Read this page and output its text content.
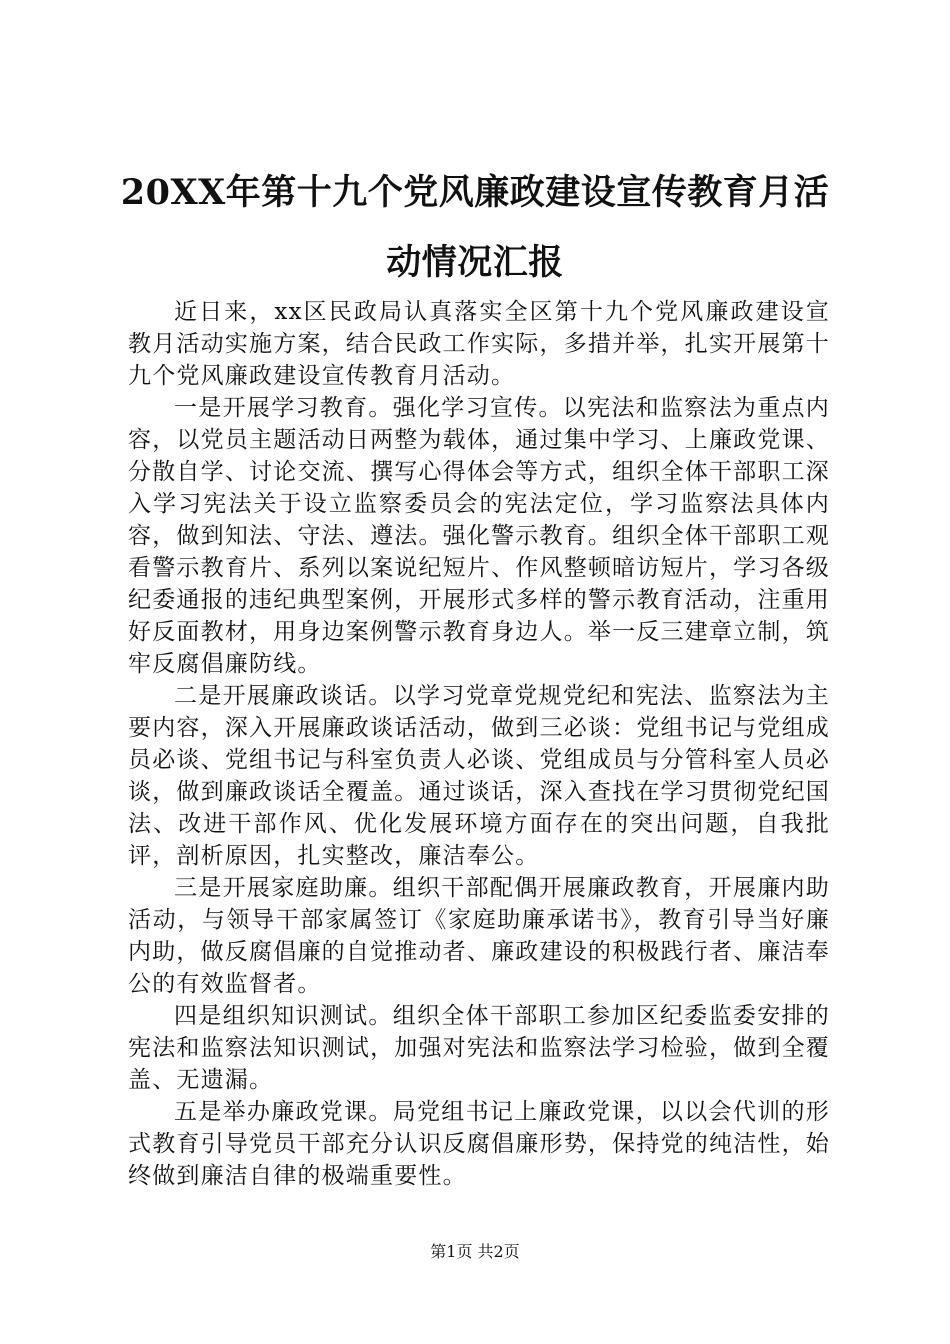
20XX年第十九个党风廉政建设宣传教育月活
动情况汇报

近日来，xx区民政局认真落实全区第十九个党风廉政建设宣教月活动实施方案，结合民政工作实际，多措并举，扎实开展第十九个党风廉政建设宣传教育月活动。

一是开展学习教育。强化学习宣传。以宪法和监察法为重点内容，以党员主题活动日两整为载体，通过集中学习、上廉政党课、分散自学、讨论交流、撰写心得体会等方式，组织全体干部职工深入学习宪法关于设立监察委员会的宪法定位，学习监察法具体内容，做到知法、守法、遵法。强化警示教育。组织全体干部职工观看警示教育片、系列以案说纪短片、作风整顿暗访短片，学习各级纪委通报的违纪典型案例，开展形式多样的警示教育活动，注重用好反面教材，用身边案例警示教育身边人。举一反三建章立制，筑牢反腐倡廉防线。

二是开展廉政谈话。以学习党章党规党纪和宪法、监察法为主要内容，深入开展廉政谈话活动，做到三必谈：党组书记与党组成员必谈、党组书记与科室负责人必谈、党组成员与分管科室人员必谈，做到廉政谈话全覆盖。通过谈话，深入查找在学习贯彻党纪国法、改进干部作风、优化发展环境方面存在的突出问题，自我批评，剖析原因，扎实整改，廉洁奉公。

三是开展家庭助廉。组织干部配偶开展廉政教育，开展廉内助活动，与领导干部家属签订《家庭助廉承诺书》，教育引导当好廉内助，做反腐倡廉的自觉推动者、廉政建设的积极践行者、廉洁奉公的有效监督者。

四是组织知识测试。组织全体干部职工参加区纪委监委安排的宪法和监察法知识测试，加强对宪法和监察法学习检验，做到全覆盖、无遗漏。

五是举办廉政党课。局党组书记上廉政党课，以以会代训的形式教育引导党员干部充分认识反腐倡廉形势，保持党的纯洁性，始终做到廉洁自律的极端重要性。

第1页 共2页
